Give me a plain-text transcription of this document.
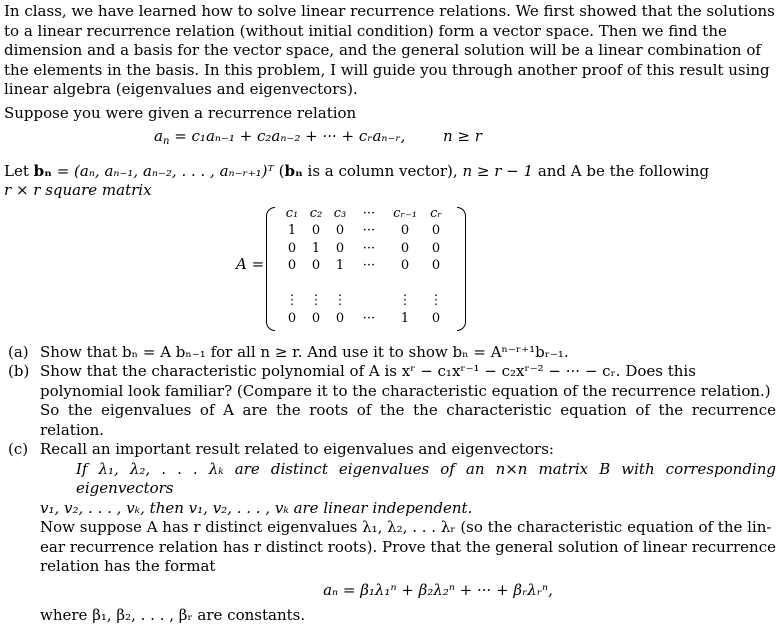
In class, we have learned how to solve linear recurrence relations. We first showed that the solutions

to a linear recurrence relation (without initial condition) form a vector space. Then we find the

dimension and a basis for the vector space, and the general solution will be a linear combination of

the elements in the basis. In this problem, I will guide you through another proof of this result using

linear algebra (eigenvalues and eigenvectors).

Suppose you were given a recurrence relation

$a_n = c_1a_{n-1} + c_2a_{n-2}$ + ··· + cᵣaₙ₋ᵣ,	n ≥ r

Let bₙ = (aₙ, aₙ₋₁, aₙ₋₂, . . . , aₙ₋ᵣ₊₁)ᵀ (bₙ is a column vector), n ≥ r − 1 and A be the following

r × r square matrix

A =
c₁	c₂	c₃	···	cᵣ₋₁	cᵣ
1	0	0	···	0	0
0	1	0	···	0	0
0	0	1	···	0	0

⋮	⋮	⋮		⋮	⋮
0	0	0	···	1	0
(a) Show that bₙ = A bₙ₋₁ for all n ≥ r. And use it to show bₙ = Aⁿ⁻ʳ⁺¹bᵣ₋₁.

(b) Show that the characteristic polynomial of A is xʳ − c₁xʳ⁻¹ − c₂xʳ⁻² − ··· − cᵣ. Does this

polynomial look familiar? (Compare it to the characteristic equation of the recurrence relation.)

So the eigenvalues of A are the roots of the the characteristic equation of the recurrence relation.

(c) Recall an important result related to eigenvalues and eigenvectors:

If λ₁, λ₂, . . . λₖ are distinct eigenvalues of an n×n matrix B with corresponding eigenvectors

v₁, v₂, . . . , vₖ, then v₁, v₂, . . . , vₖ are linear independent.

Now suppose A has r distinct eigenvalues λ₁, λ₂, . . . λᵣ (so the characteristic equation of the lin-

ear recurrence relation has r distinct roots). Prove that the general solution of linear recurrence

relation has the format

aₙ = β₁λ₁ⁿ + β₂λ₂ⁿ + ··· + βᵣλᵣⁿ,

where β₁, β₂, . . . , βᵣ are constants.
